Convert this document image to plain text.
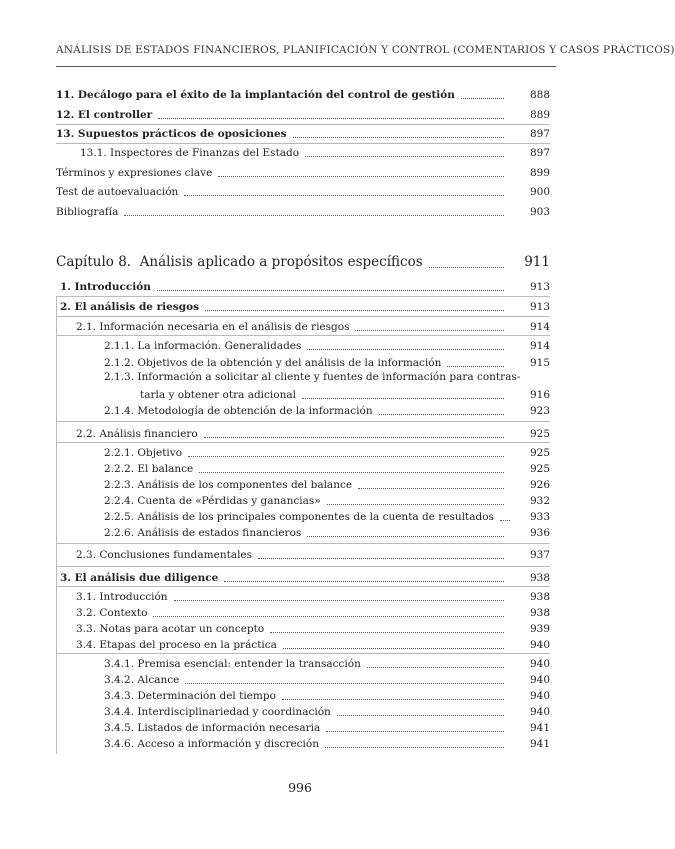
ANÁLISIS DE ESTADOS FINANCIEROS, PLANIFICACIÓN Y CONTROL (COMENTARIOS Y CASOS PRÁCTICOS)
11. Decálogo para el éxito de la implantación del control de gestión	888
12. El controller	889
13. Supuestos prácticos de oposiciones	897
13.1. Inspectores de Finanzas del Estado	897
Términos y expresiones clave	899
Test de autoevaluación	900
Bibliografía	903
Capítulo 8. Análisis aplicado a propósitos específicos	911
1. Introducción	913
2. El análisis de riesgos	913
2.1. Información necesaria en el análisis de riesgos	914
2.1.1. La información. Generalidades	914
2.1.2. Objetivos de la obtención y del análisis de la información	915
2.1.3. Información a solicitar al cliente y fuentes de información para contras-
tarla y obtener otra adicional	916
2.1.4. Metodología de obtención de la información	923
2.2. Análisis financiero	925
2.2.1. Objetivo	925
2.2.2. El balance	925
2.2.3. Análisis de los componentes del balance	926
2.2.4. Cuenta de «Pérdidas y ganancias»	932
2.2.5. Análisis de los principales componentes de la cuenta de resultados	933
2.2.6. Análisis de estados financieros	936
2.3. Conclusiones fundamentales	937
3. El análisis due diligence	938
3.1. Introducción	938
3.2. Contexto	938
3.3. Notas para acotar un concepto	939
3.4. Etapas del proceso en la práctica	940
3.4.1. Premisa esencial: entender la transacción	940
3.4.2. Alcance	940
3.4.3. Determinación del tiempo	940
3.4.4. Interdisciplinariedad y coordinación	940
3.4.5. Listados de información necesaria	941
3.4.6. Acceso a información y discreción	941
996
